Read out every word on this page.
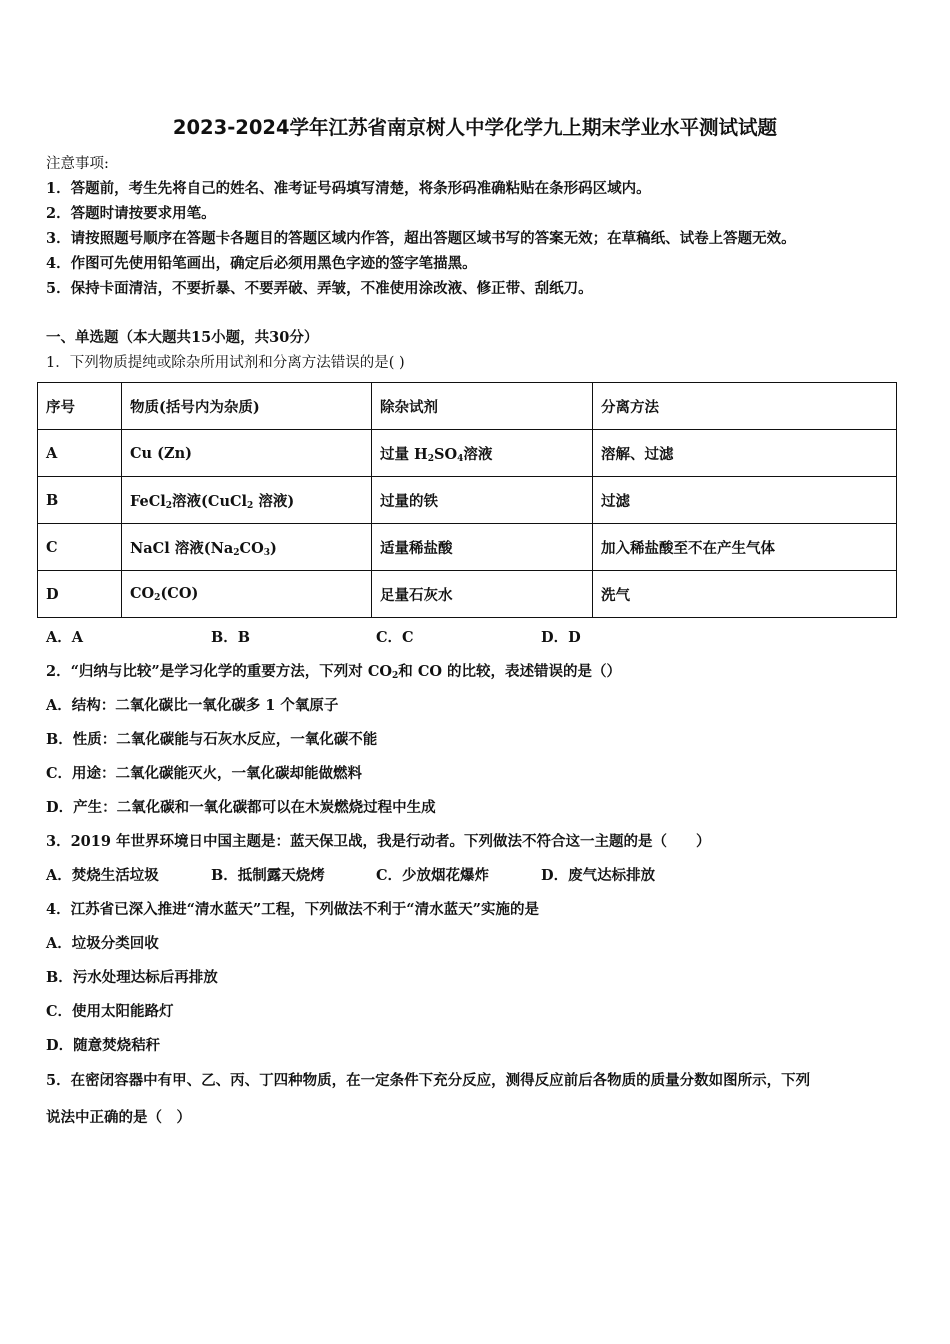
2023-2024学年江苏省南京树人中学化学九上期末学业水平测试试题
注意事项:
1．答题前，考生先将自己的姓名、准考证号码填写清楚，将条形码准确粘贴在条形码区域内。
2．答题时请按要求用笔。
3．请按照题号顺序在答题卡各题目的答题区域内作答，超出答题区域书写的答案无效；在草稿纸、试卷上答题无效。
4．作图可先使用铅笔画出，确定后必须用黑色字迹的签字笔描黑。
5．保持卡面清洁，不要折暴、不要弄破、弄皱，不准使用涂改液、修正带、刮纸刀。
一、单选题（本大题共15小题，共30分）
1．下列物质提纯或除杂所用试剂和分离方法错误的是( )
序号	物质(括号内为杂质)	除杂试剂	分离方法
A	Cu (Zn)	过量 $H_2SO_4$溶液	溶解、过滤
B	FeCl$_2$溶液(CuCl$_2$ 溶液)	过量的铁	过滤
C	NaCl 溶液$(Na_2CO_3)$	适量稀盐酸	加入稀盐酸至不在产生气体
D	$CO_2(CO)$	足量石灰水	洗气
A．A	B．B	C．C	D．D
2．“归纳与比较”是学习化学的重要方法，下列对 $CO_2$和 CO 的比较，表述错误的是（）
A．结构：二氧化碳比一氧化碳多 1 个氧原子
B．性质：二氧化碳能与石灰水反应，一氧化碳不能
C．用途：二氧化碳能灭火，一氧化碳却能做燃料
D．产生：二氧化碳和一氧化碳都可以在木炭燃烧过程中生成
3．2019 年世界环境日中国主题是：蓝天保卫战，我是行动者。下列做法不符合这一主题的是（　　）
A．焚烧生活垃圾	B．抵制露天烧烤	C．少放烟花爆炸	D．废气达标排放
4．江苏省已深入推进“清水蓝天”工程，下列做法不利于“清水蓝天”实施的是
A．垃圾分类回收
B．污水处理达标后再排放
C．使用太阳能路灯
D．随意焚烧秸秆
5．在密闭容器中有甲、乙、丙、丁四种物质，在一定条件下充分反应，测得反应前后各物质的质量分数如图所示，下列
说法中正确的是（　）
